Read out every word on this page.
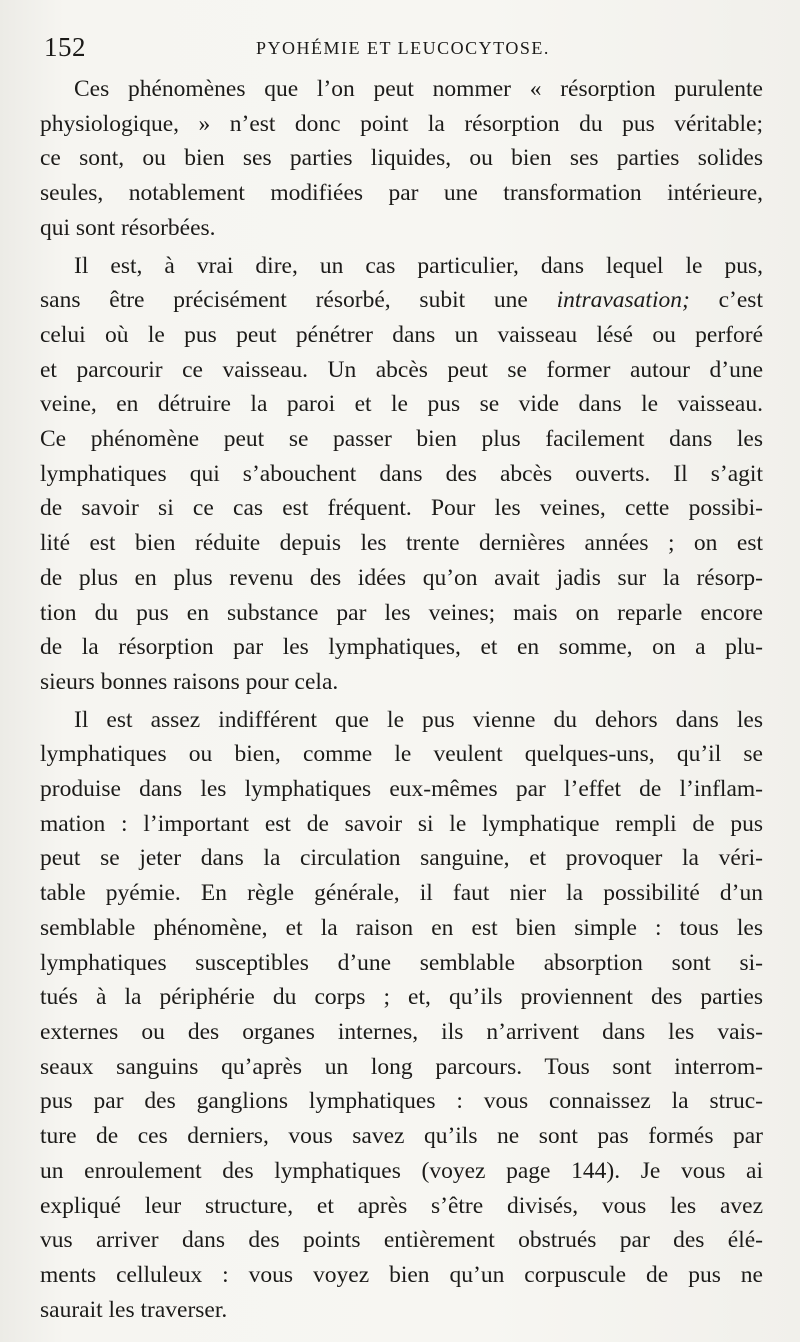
152	PYOHÉMIE ET LEUCOCYTOSE.

Ces phénomènes que l’on peut nommer « résorption purulente
physiologique, » n’est donc point la résorption du pus véritable;
ce sont, ou bien ses parties liquides, ou bien ses parties solides
seules, notablement modifiées par une transformation intérieure,
qui sont résorbées.

Il est, à vrai dire, un cas particulier, dans lequel le pus,
sans être précisément résorbé, subit une intravasation; c’est
celui où le pus peut pénétrer dans un vaisseau lésé ou perforé
et parcourir ce vaisseau. Un abcès peut se former autour d’une
veine, en détruire la paroi et le pus se vide dans le vaisseau.
Ce phénomène peut se passer bien plus facilement dans les
lymphatiques qui s’abouchent dans des abcès ouverts. Il s’agit
de savoir si ce cas est fréquent. Pour les veines, cette possibi-
lité est bien réduite depuis les trente dernières années ; on est
de plus en plus revenu des idées qu’on avait jadis sur la résorp-
tion du pus en substance par les veines; mais on reparle encore
de la résorption par les lymphatiques, et en somme, on a plu-
sieurs bonnes raisons pour cela.

Il est assez indifférent que le pus vienne du dehors dans les
lymphatiques ou bien, comme le veulent quelques-uns, qu’il se
produise dans les lymphatiques eux-mêmes par l’effet de l’inflam-
mation : l’important est de savoir si le lymphatique rempli de pus
peut se jeter dans la circulation sanguine, et provoquer la véri-
table pyémie. En règle générale, il faut nier la possibilité d’un
semblable phénomène, et la raison en est bien simple : tous les
lymphatiques susceptibles d’une semblable absorption sont si-
tués à la périphérie du corps ; et, qu’ils proviennent des parties
externes ou des organes internes, ils n’arrivent dans les vais-
seaux sanguins qu’après un long parcours. Tous sont interrom-
pus par des ganglions lymphatiques : vous connaissez la struc-
ture de ces derniers, vous savez qu’ils ne sont pas formés par
un enroulement des lymphatiques (voyez page 144). Je vous ai
expliqué leur structure, et après s’être divisés, vous les avez
vus arriver dans des points entièrement obstrués par des élé-
ments celluleux : vous voyez bien qu’un corpuscule de pus ne
saurait les traverser.
